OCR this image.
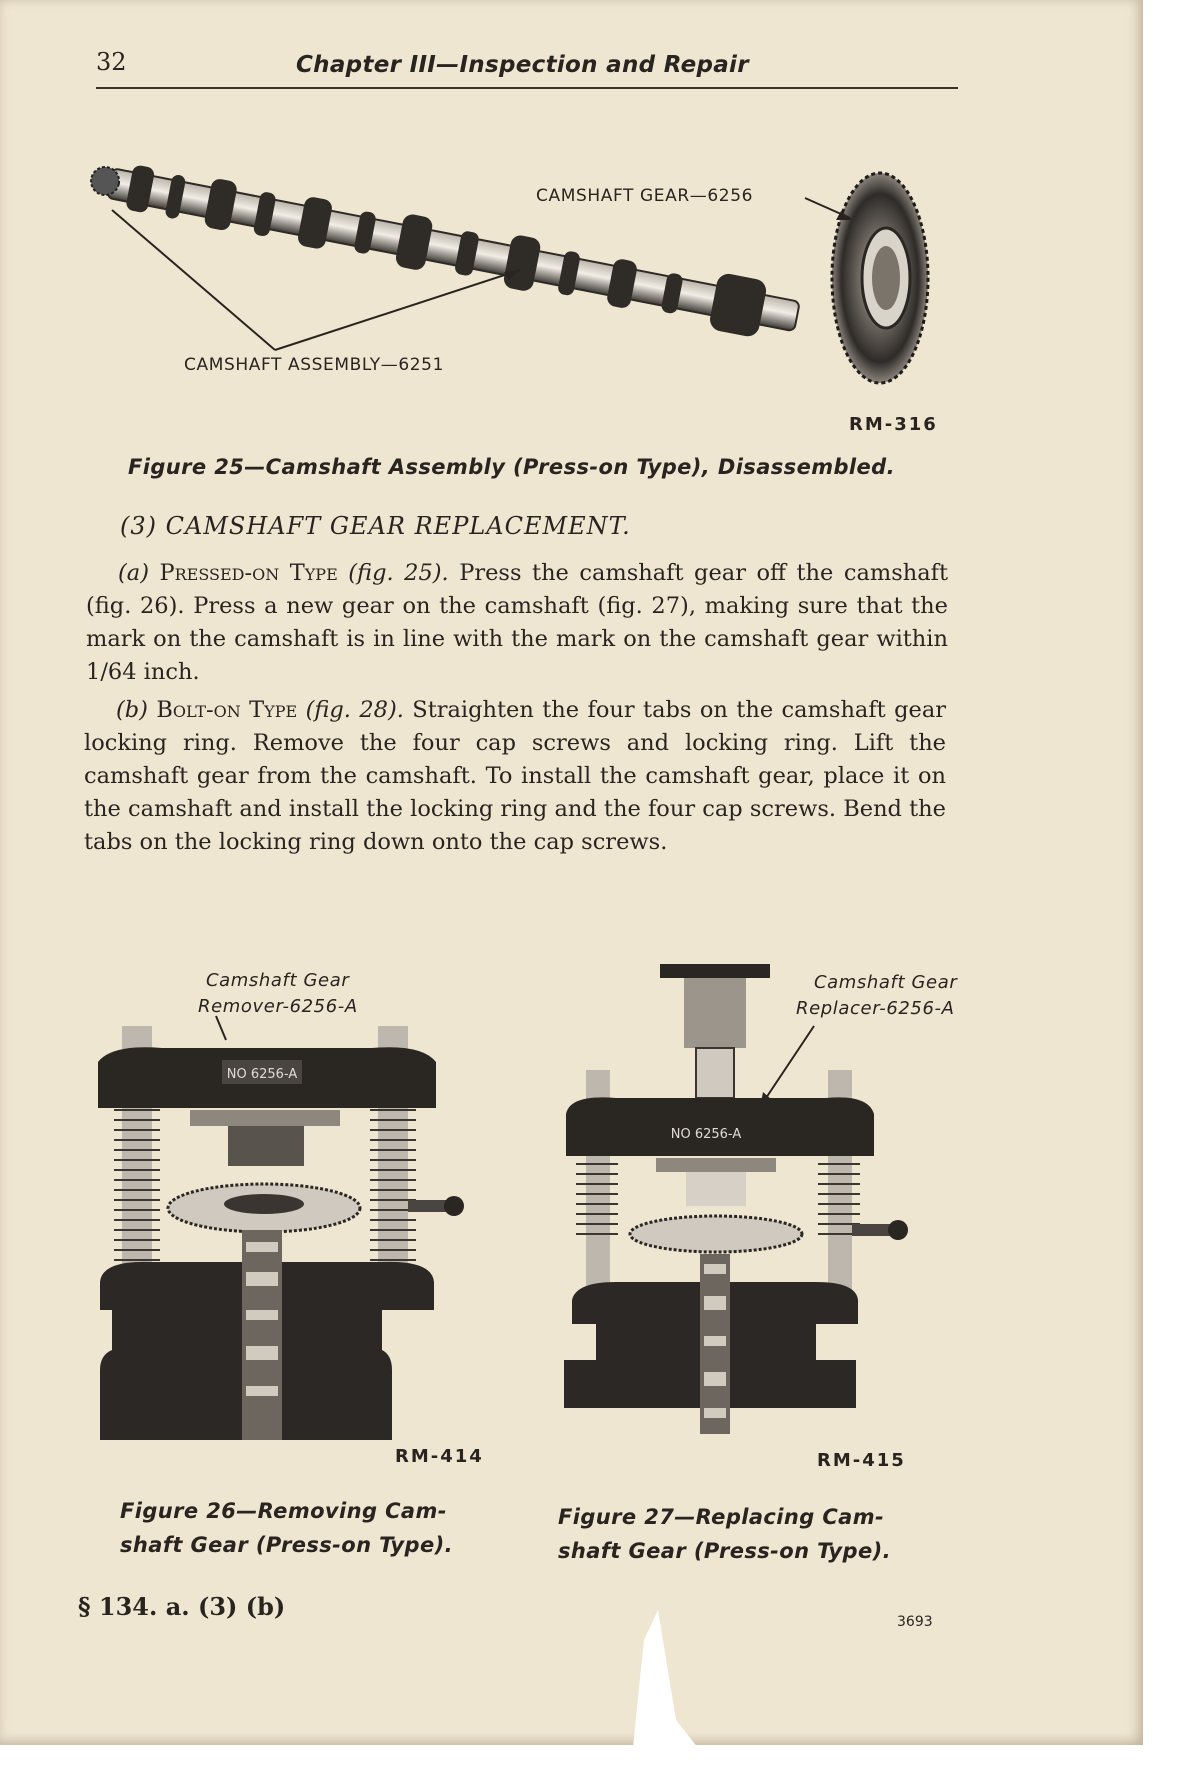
32	Chapter III—Inspection and Repair
CAMSHAFT GEAR—6256
CAMSHAFT ASSEMBLY—6251
RM-316
Figure 25—Camshaft Assembly (Press-on Type), Disassembled.
(3) CAMSHAFT GEAR REPLACEMENT.

(a) Pressed-on Type (fig. 25). Press the camshaft gear off the camshaft (fig. 26). Press a new gear on the camshaft (fig. 27), making sure that the mark on the camshaft is in line with the mark on the camshaft gear within 1/64 inch.

(b) Bolt-on Type (fig. 28). Straighten the four tabs on the camshaft gear locking ring. Remove the four cap screws and locking ring. Lift the camshaft gear from the camshaft. To install the camshaft gear, place it on the camshaft and install the locking ring and the four cap screws. Bend the tabs on the locking ring down onto the cap screws.

Camshaft Gear
Remover-6256-A
NO 6256-A
RM-414
Figure 26—Removing Cam-
shaft Gear (Press-on Type).
Camshaft Gear
Replacer-6256-A
NO 6256-A
RM-415
Figure 27—Replacing Cam-
shaft Gear (Press-on Type).
§ 134. a. (3) (b)
3693
